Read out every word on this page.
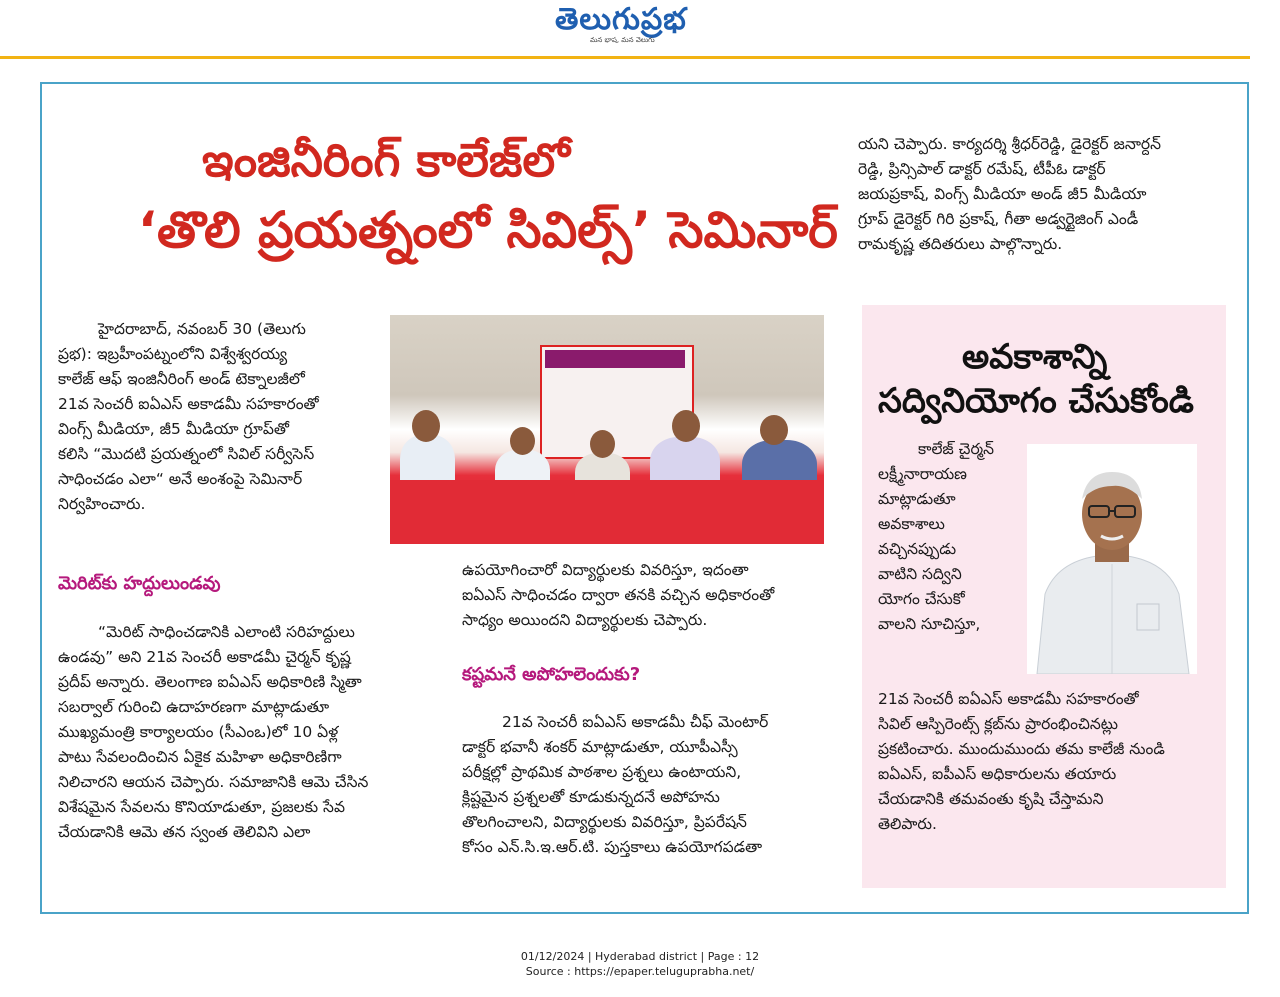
తెలుగుప్రభ
మన భాష, మన వెలుగు
ఇంజినీరింగ్ కాలేజ్‌లో
‘తొలి ప్రయత్నంలో సివిల్స్’ సెమినార్
హైదరాబాద్, నవంబర్ 30 (తెలుగు
ప్రభ): ఇబ్రహీంపట్నంలోని విశ్వేశ్వరయ్య
కాలేజ్ ఆఫ్ ఇంజినీరింగ్ అండ్ టెక్నాలజీలో
21వ సెంచరీ ఐఏఎస్ అకాడమీ సహకారంతో
వింగ్స్ మీడియా, జీ5 మీడియా గ్రూప్‌తో
కలిసి “మొదటి ప్రయత్నంలో సివిల్ సర్వీసెస్
సాధించడం ఎలా“ అనే అంశంపై సెమినార్
నిర్వహించారు.
మెరిట్‌కు హద్దులుండవు
“మెరిట్ సాధించడానికి ఎలాంటి సరిహద్దులు
ఉండవు” అని 21వ సెంచరీ అకాడమీ చైర్మన్ కృష్ణ
ప్రదీప్ అన్నారు. తెలంగాణ ఐఏఎస్ అధికారిణి స్మితా
సబర్వాల్ గురించి ఉదాహరణగా మాట్లాడుతూ
ముఖ్యమంత్రి కార్యాలయం (సీఎంఒ)లో 10 ఏళ్ల
పాటు సేవలందించిన ఏకైక మహిళా అధికారిణిగా
నిలిచారని ఆయన చెప్పారు. సమాజానికి ఆమె చేసిన
విశేషమైన సేవలను కొనియాడుతూ, ప్రజలకు సేవ
చేయడానికి ఆమె తన స్వంత తెలివిని ఎలా
ఉపయోగించారో విద్యార్థులకు వివరిస్తూ, ఇదంతా
ఐఏఎస్ సాధించడం ద్వారా తనకి వచ్చిన అధికారంతో
సాధ్యం అయిందని విద్యార్థులకు చెప్పారు.
కష్టమనే అపోహలెందుకు?
21వ సెంచరీ ఐఏఎస్ అకాడమీ చీఫ్ మెంటార్
డాక్టర్ భవానీ శంకర్ మాట్లాడుతూ, యూపీఎస్సీ
పరీక్షల్లో ప్రాథమిక పాఠశాల ప్రశ్నలు ఉంటాయని,
క్లిష్టమైన ప్రశ్నలతో కూడుకున్నదనే అపోహను
తొలగించాలని, విద్యార్థులకు వివరిస్తూ, ప్రిపరేషన్
కోసం ఎన్.సి.ఇ.ఆర్.టి. పుస్తకాలు ఉపయోగపడతా
యని చెప్పారు. కార్యదర్శి శ్రీధర్‌రెడ్డి, డైరెక్టర్ జనార్దన్
రెడ్డి, ప్రిన్సిపాల్ డాక్టర్ రమేష్, టీపీఓ డాక్టర్
జయప్రకాష్, వింగ్స్ మీడియా అండ్ జీ5 మీడియా
గ్రూప్ డైరెక్టర్ గిరి ప్రకాష్, గీతా అడ్వర్టైజింగ్ ఎండీ
రామకృష్ణ తదితరులు పాల్గొన్నారు.
అవకాశాన్ని
సద్వినియోగం చేసుకోండి
కాలేజ్ చైర్మన్
లక్ష్మీనారాయణ
మాట్లాడుతూ
అవకాశాలు
వచ్చినప్పుడు
వాటిని సద్విని
యోగం చేసుకో
వాలని సూచిస్తూ,
21వ సెంచరీ ఐఏఎస్ అకాడమీ సహకారంతో
సివిల్ ఆస్పిరెంట్స్ క్లబ్‌ను ప్రారంభించినట్లు
ప్రకటించారు. ముందుముందు తమ కాలేజీ నుండి
ఐఏఎస్, ఐపీఎస్ అధికారులను తయారు
చేయడానికి తమవంతు కృషి చేస్తామని
తెలిపారు.
01/12/2024 | Hyderabad district | Page : 12
Source : https://epaper.teluguprabha.net/
